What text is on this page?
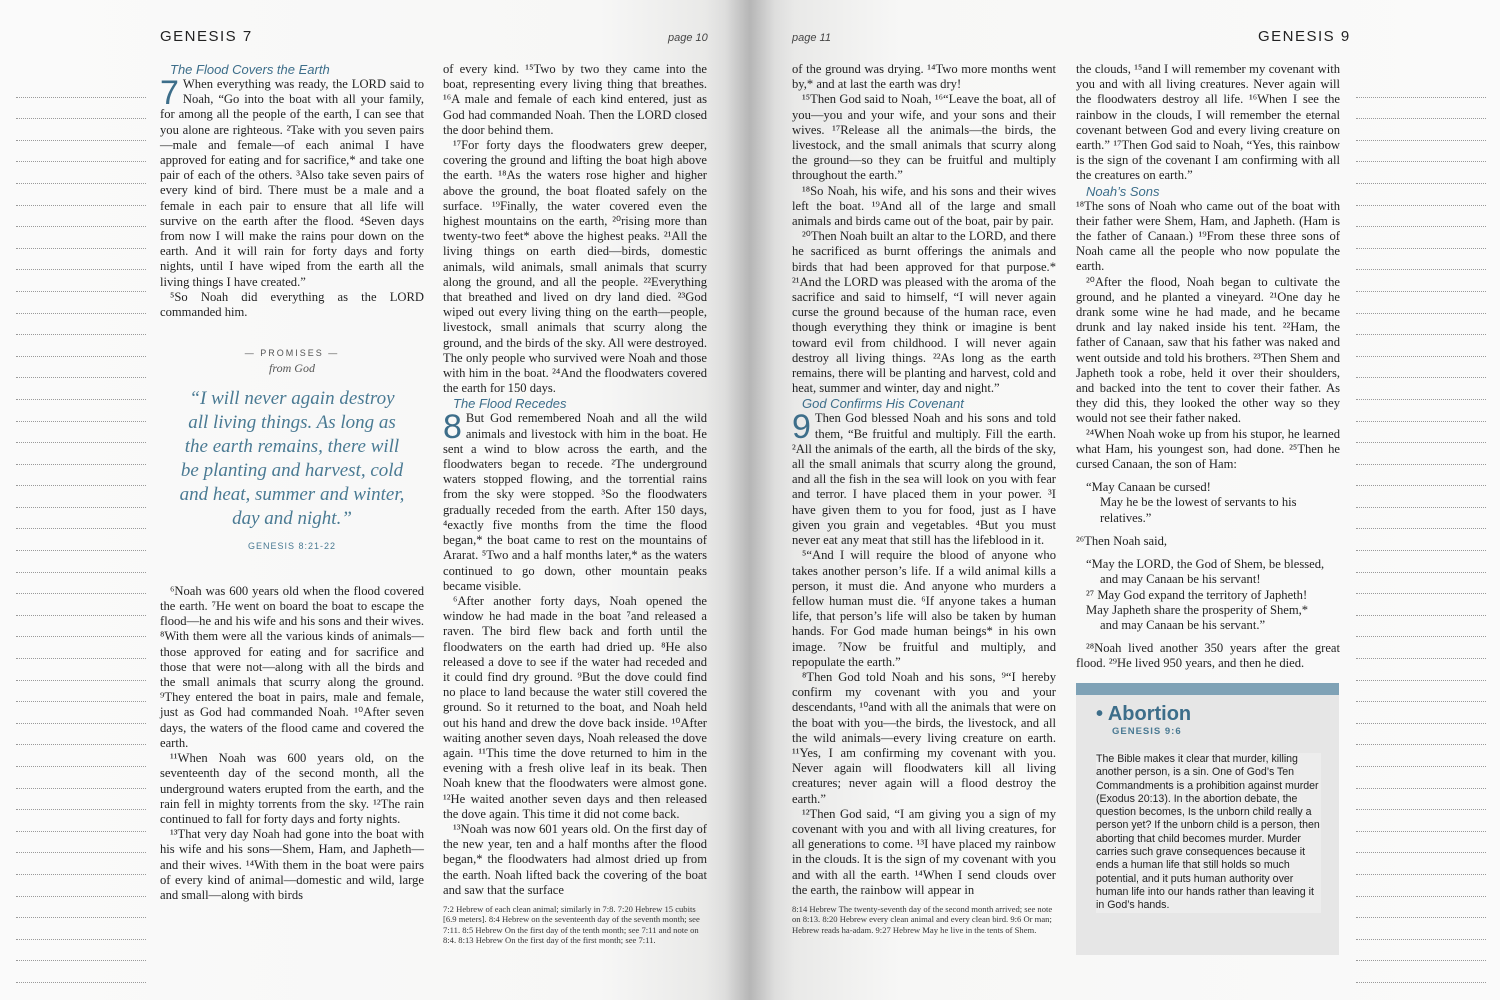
GENESIS 7	page 10

The Flood Covers the Earth

7 When everything was ready, the LORD said to Noah, “Go into the boat with all your family, for among all the people of the earth, I can see that you alone are righteous. ²Take with you seven pairs—male and female—of each animal I have approved for eating and for sacrifice,* and take one pair of each of the others. ³Also take seven pairs of every kind of bird. There must be a male and a female in each pair to ensure that all life will survive on the earth after the flood. ⁴Seven days from now I will make the rains pour down on the earth. And it will rain for forty days and forty nights, until I have wiped from the earth all the living things I have created.”

⁵So Noah did everything as the LORD commanded him.

— PROMISES —
from God
“I will never again destroy all living things. As long as the earth remains, there will be planting and harvest, cold and heat, summer and winter, day and night.”
GENESIS 8:21-22

⁶Noah was 600 years old when the flood covered the earth. ⁷He went on board the boat to escape the flood—he and his wife and his sons and their wives. ⁸With them were all the various kinds of animals—those approved for eating and for sacrifice and those that were not—along with all the birds and the small animals that scurry along the ground. ⁹They entered the boat in pairs, male and female, just as God had commanded Noah. ¹⁰After seven days, the waters of the flood came and covered the earth.

¹¹When Noah was 600 years old, on the seventeenth day of the second month, all the underground waters erupted from the earth, and the rain fell in mighty torrents from the sky. ¹²The rain continued to fall for forty days and forty nights.

¹³That very day Noah had gone into the boat with his wife and his sons—Shem, Ham, and Japheth—and their wives. ¹⁴With them in the boat were pairs of every kind of animal—domestic and wild, large and small—along with birds

of every kind. ¹⁵Two by two they came into the boat, representing every living thing that breathes. ¹⁶A male and female of each kind entered, just as God had commanded Noah. Then the LORD closed the door behind them.

¹⁷For forty days the floodwaters grew deeper, covering the ground and lifting the boat high above the earth. ¹⁸As the waters rose higher and higher above the ground, the boat floated safely on the surface. ¹⁹Finally, the water covered even the highest mountains on the earth, ²⁰rising more than twenty-two feet* above the highest peaks. ²¹All the living things on earth died—birds, domestic animals, wild animals, small animals that scurry along the ground, and all the people. ²²Everything that breathed and lived on dry land died. ²³God wiped out every living thing on the earth—people, livestock, small animals that scurry along the ground, and the birds of the sky. All were destroyed. The only people who survived were Noah and those with him in the boat. ²⁴And the floodwaters covered the earth for 150 days.

The Flood Recedes

8 But God remembered Noah and all the wild animals and livestock with him in the boat. He sent a wind to blow across the earth, and the floodwaters began to recede. ²The underground waters stopped flowing, and the torrential rains from the sky were stopped. ³So the floodwaters gradually receded from the earth. After 150 days, ⁴exactly five months from the time the flood began,* the boat came to rest on the mountains of Ararat. ⁵Two and a half months later,* as the waters continued to go down, other mountain peaks became visible.

⁶After another forty days, Noah opened the window he had made in the boat ⁷and released a raven. The bird flew back and forth until the floodwaters on the earth had dried up. ⁸He also released a dove to see if the water had receded and it could find dry ground. ⁹But the dove could find no place to land because the water still covered the ground. So it returned to the boat, and Noah held out his hand and drew the dove back inside. ¹⁰After waiting another seven days, Noah released the dove again. ¹¹This time the dove returned to him in the evening with a fresh olive leaf in its beak. Then Noah knew that the floodwaters were almost gone. ¹²He waited another seven days and then released the dove again. This time it did not come back.

¹³Noah was now 601 years old. On the first day of the new year, ten and a half months after the flood began,* the floodwaters had almost dried up from the earth. Noah lifted back the covering of the boat and saw that the surface

7:2 Hebrew of each clean animal; similarly in 7:8. 7:20 Hebrew 15 cubits [6.9 meters]. 8:4 Hebrew on the seventeenth day of the seventh month; see 7:11. 8:5 Hebrew On the first day of the tenth month; see 7:11 and note on 8:4. 8:13 Hebrew On the first day of the first month; see 7:11.
page 11	GENESIS 9

of the ground was drying. ¹⁴Two more months went by,* and at last the earth was dry!

¹⁵Then God said to Noah, ¹⁶“Leave the boat, all of you—you and your wife, and your sons and their wives. ¹⁷Release all the animals—the birds, the livestock, and the small animals that scurry along the ground—so they can be fruitful and multiply throughout the earth.”

¹⁸So Noah, his wife, and his sons and their wives left the boat. ¹⁹And all of the large and small animals and birds came out of the boat, pair by pair.

²⁰Then Noah built an altar to the LORD, and there he sacrificed as burnt offerings the animals and birds that had been approved for that purpose.* ²¹And the LORD was pleased with the aroma of the sacrifice and said to himself, “I will never again curse the ground because of the human race, even though everything they think or imagine is bent toward evil from childhood. I will never again destroy all living things. ²²As long as the earth remains, there will be planting and harvest, cold and heat, summer and winter, day and night.”

God Confirms His Covenant

9 Then God blessed Noah and his sons and told them, “Be fruitful and multiply. Fill the earth. ²All the animals of the earth, all the birds of the sky, all the small animals that scurry along the ground, and all the fish in the sea will look on you with fear and terror. I have placed them in your power. ³I have given them to you for food, just as I have given you grain and vegetables. ⁴But you must never eat any meat that still has the lifeblood in it.

⁵“And I will require the blood of anyone who takes another person’s life. If a wild animal kills a person, it must die. And anyone who murders a fellow human must die. ⁶If anyone takes a human life, that person’s life will also be taken by human hands. For God made human beings* in his own image. ⁷Now be fruitful and multiply, and repopulate the earth.”

⁸Then God told Noah and his sons, ⁹“I hereby confirm my covenant with you and your descendants, ¹⁰and with all the animals that were on the boat with you—the birds, the livestock, and all the wild animals—every living creature on earth. ¹¹Yes, I am confirming my covenant with you. Never again will floodwaters kill all living creatures; never again will a flood destroy the earth.”

¹²Then God said, “I am giving you a sign of my covenant with you and with all living creatures, for all generations to come. ¹³I have placed my rainbow in the clouds. It is the sign of my covenant with you and with all the earth. ¹⁴When I send clouds over the earth, the rainbow will appear in

8:14 Hebrew The twenty-seventh day of the second month arrived; see note on 8:13. 8:20 Hebrew every clean animal and every clean bird. 9:6 Or man; Hebrew reads ha-adam. 9:27 Hebrew May he live in the tents of Shem.

the clouds, ¹⁵and I will remember my covenant with you and with all living creatures. Never again will the floodwaters destroy all life. ¹⁶When I see the rainbow in the clouds, I will remember the eternal covenant between God and every living creature on earth.” ¹⁷Then God said to Noah, “Yes, this rainbow is the sign of the covenant I am confirming with all the creatures on earth.”

Noah’s Sons

¹⁸The sons of Noah who came out of the boat with their father were Shem, Ham, and Japheth. (Ham is the father of Canaan.) ¹⁹From these three sons of Noah came all the people who now populate the earth.

²⁰After the flood, Noah began to cultivate the ground, and he planted a vineyard. ²¹One day he drank some wine he had made, and he became drunk and lay naked inside his tent. ²²Ham, the father of Canaan, saw that his father was naked and went outside and told his brothers. ²³Then Shem and Japheth took a robe, held it over their shoulders, and backed into the tent to cover their father. As they did this, they looked the other way so they would not see their father naked.

²⁴When Noah woke up from his stupor, he learned what Ham, his youngest son, had done. ²⁵Then he cursed Canaan, the son of Ham:

“May Canaan be cursed!
May he be the lowest of servants to his relatives.”

²⁶Then Noah said,

“May the LORD, the God of Shem, be blessed,
and may Canaan be his servant!
²⁷ May God expand the territory of Japheth!
May Japheth share the prosperity of Shem,*
and may Canaan be his servant.”

²⁸Noah lived another 350 years after the great flood. ²⁹He lived 950 years, and then he died.

• Abortion
GENESIS 9:6
The Bible makes it clear that murder, killing another person, is a sin. One of God’s Ten Commandments is a prohibition against murder (Exodus 20:13). In the abortion debate, the question becomes, Is the unborn child really a person yet? If the unborn child is a person, then aborting that child becomes murder. Murder carries such grave consequences because it ends a human life that still holds so much potential, and it puts human authority over human life into our hands rather than leaving it in God’s hands.
